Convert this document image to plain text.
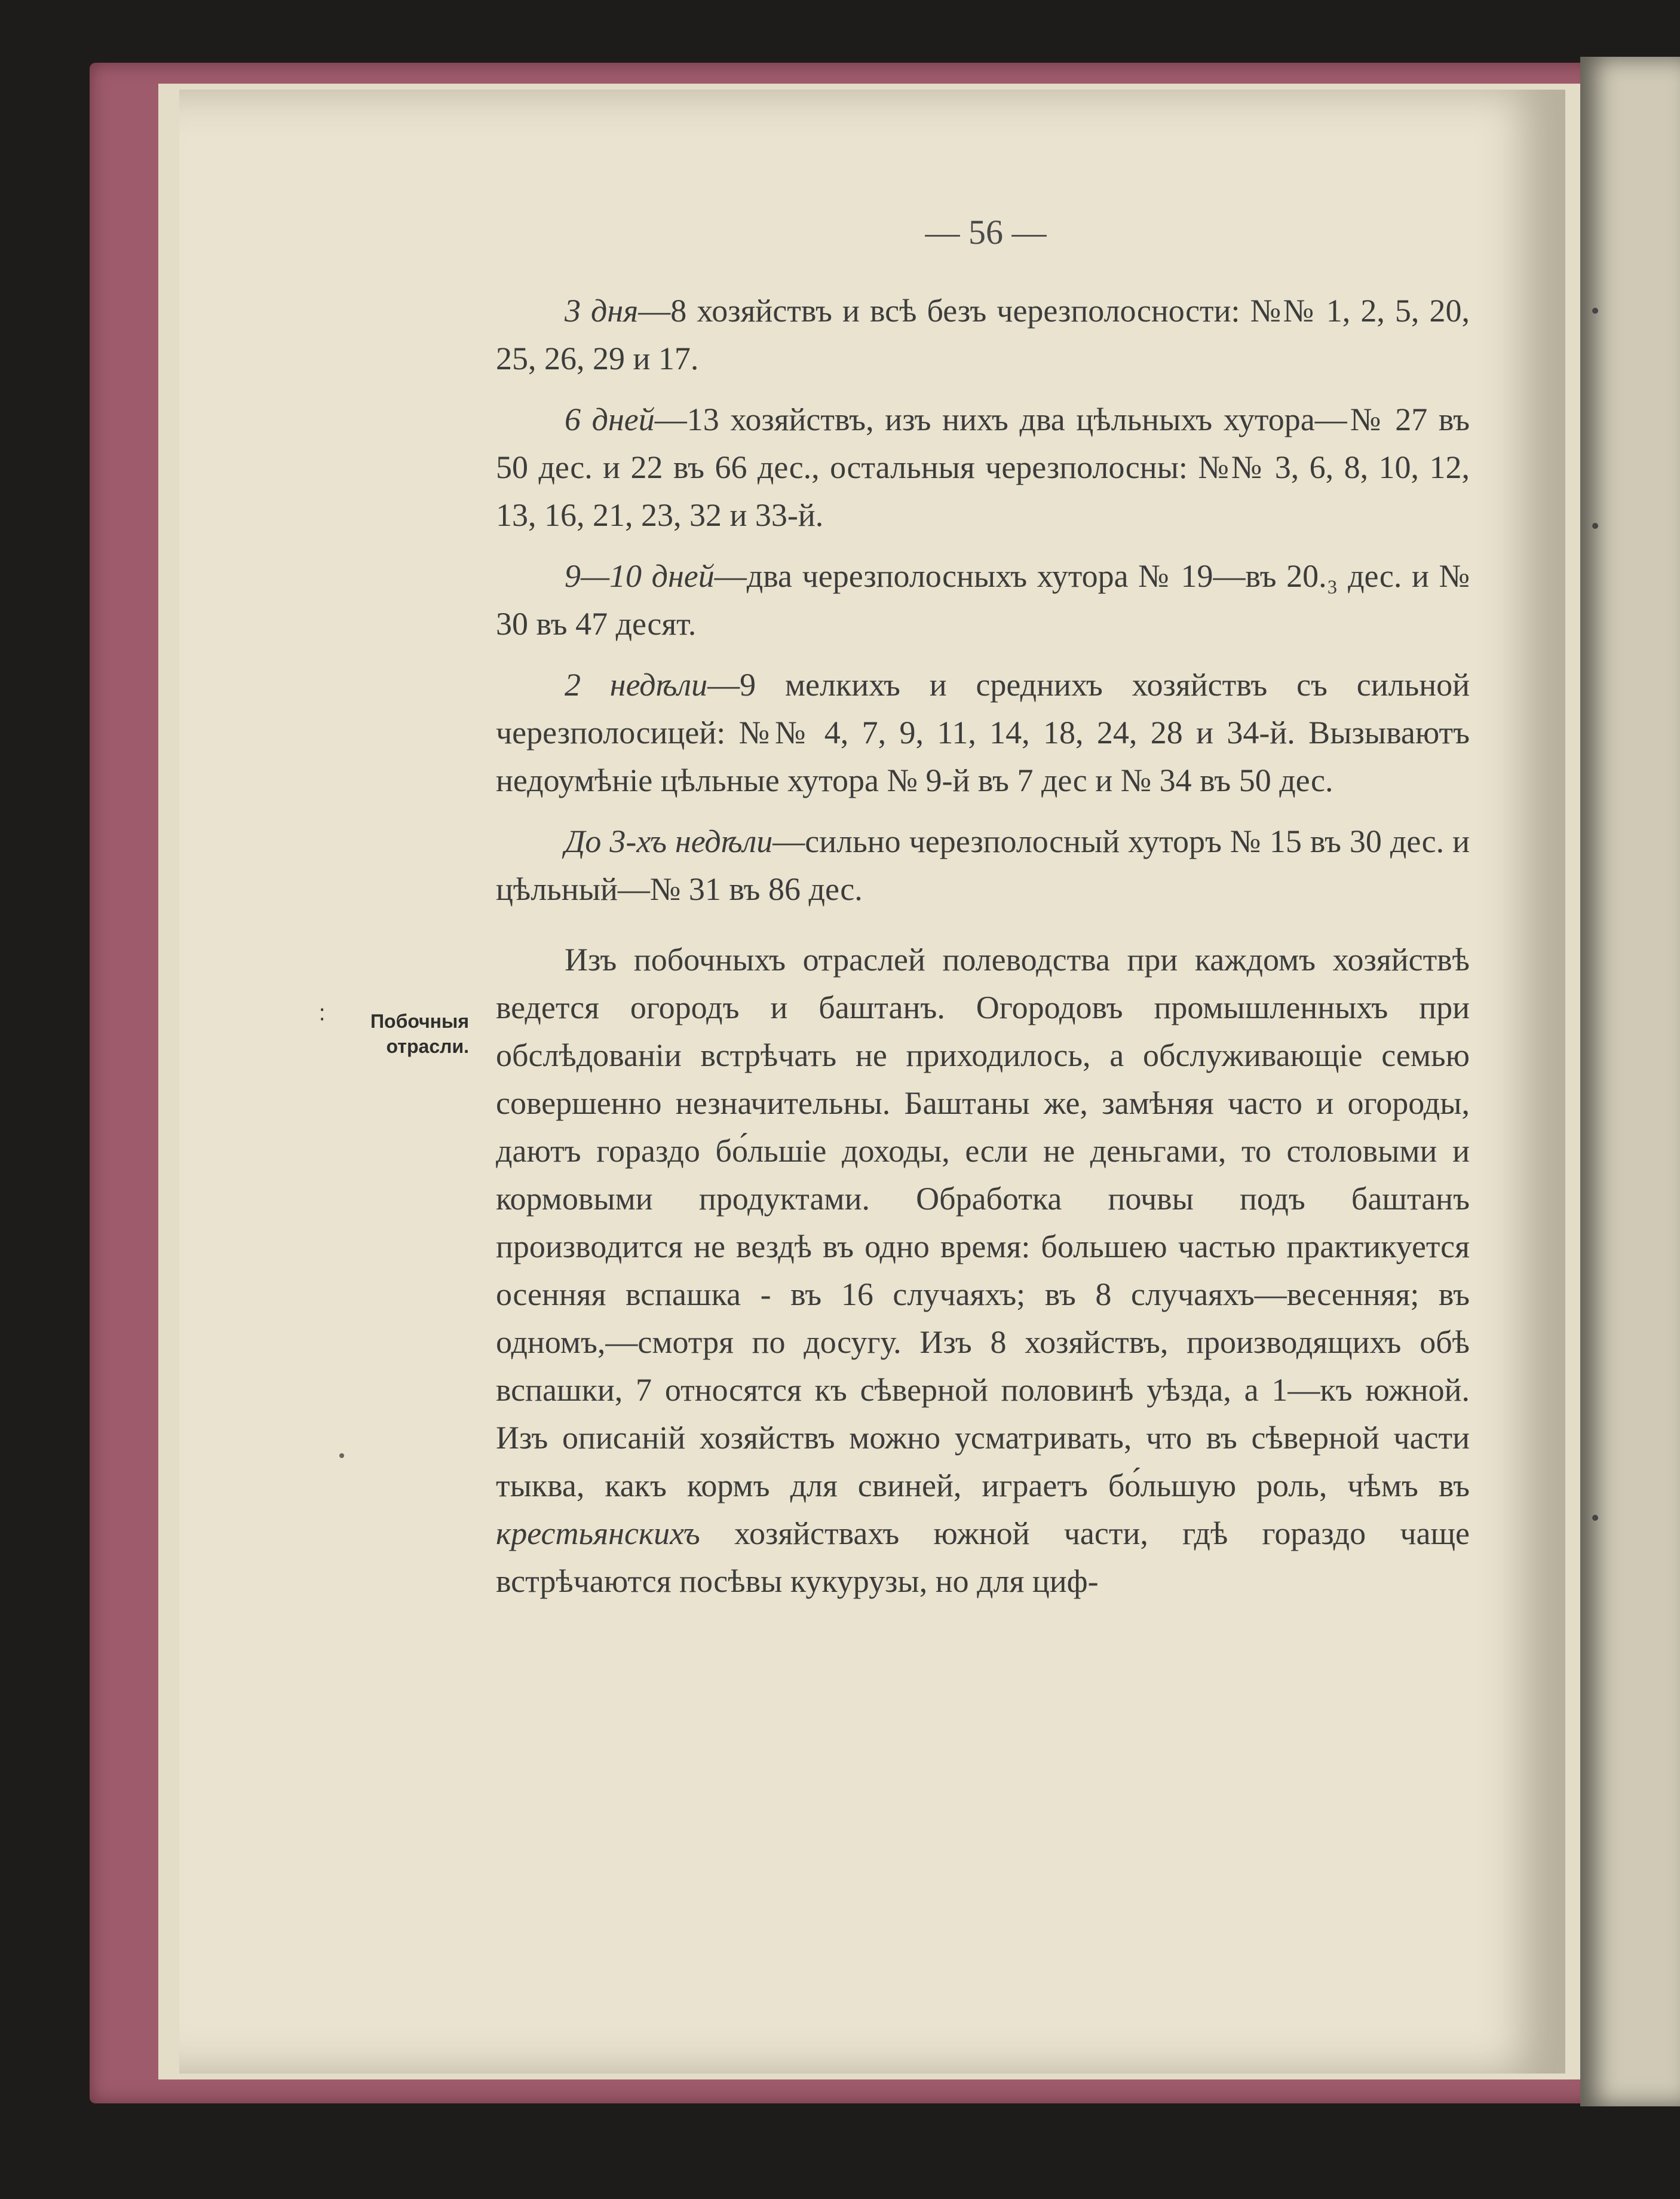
— 56 —
⁚	Побочныя
отрасли.

3 дня—8 хозяйствъ и всѣ безъ черезполосности: №№ 1, 2, 5, 20, 25, 26, 29 и 17.

6 дней—13 хозяйствъ, изъ нихъ два цѣльныхъ хутора—№ 27 въ 50 дес. и 22 въ 66 дес., остальныя черезполосны: №№ 3, 6, 8, 10, 12, 13, 16, 21, 23, 32 и 33-й.

9—10 дней—два черезполосныхъ хутора № 19—въ 20.₃ дес. и № 30 въ 47 десят.

2 недѣли—9 мелкихъ и среднихъ хозяйствъ съ сильной черезполосицей: №№ 4, 7, 9, 11, 14, 18, 24, 28 и 34-й. Вызываютъ недоумѣніе цѣльные хутора № 9-й въ 7 дес и № 34 въ 50 дес.

До 3-хъ недѣли—сильно черезполосный хуторъ № 15 въ 30 дес. и цѣльный—№ 31 въ 86 дес.

Изъ побочныхъ отраслей полеводства при каждомъ хозяйствѣ ведется огородъ и баштанъ. Огородовъ промышленныхъ при обслѣдованіи встрѣчать не приходилось, а обслуживающіе семью совершенно незначительны. Баштаны же, замѣняя часто и огороды, даютъ гораздо бо́льшіе доходы, если не деньгами, то столовыми и кормовыми продуктами. Обработка почвы подъ баштанъ производится не вездѣ въ одно время: большею частью практикуется осенняя вспашка - въ 16 случаяхъ; въ 8 случаяхъ—весенняя; въ одномъ,—смотря по досугу. Изъ 8 хозяйствъ, производящихъ обѣ вспашки, 7 относятся къ сѣверной половинѣ уѣзда, а 1—къ южной. Изъ описаній хозяйствъ можно усматривать, что въ сѣверной части тыква, какъ кормъ для свиней, играетъ бо́льшую роль, чѣмъ въ крестьянскихъ хозяйствахъ южной части, гдѣ гораздо чаще встрѣчаются посѣвы кукурузы, но для циф-
